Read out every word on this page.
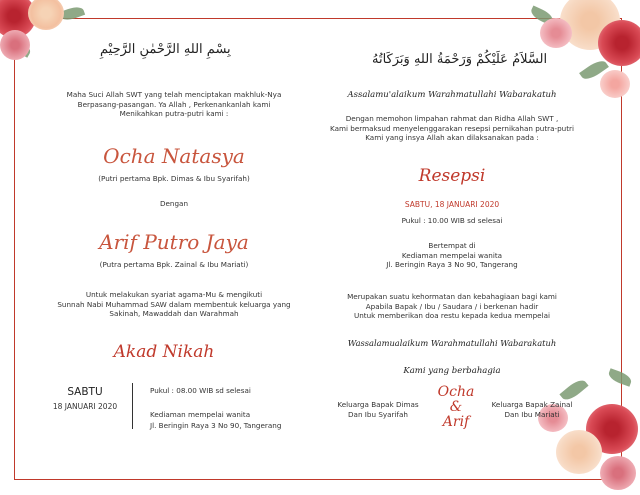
بِسْمِ اللهِ الرَّحْمٰنِ الرَّحِيْمِ
Maha Suci Allah SWT yang telah menciptakan makhluk-Nya
Berpasang-pasangan. Ya Allah , Perkenankanlah kami
Menikahkan putra-putri kami :
Ocha Natasya
(Putri pertama Bpk. Dimas & Ibu Syarifah)
Dengan
Arif Putro Jaya
(Putra pertama Bpk. Zainal & Ibu Mariati)
Untuk melakukan syariat agama-Mu & mengikuti
Sunnah Nabi Muhammad SAW dalam membentuk keluarga yang
Sakinah, Mawaddah dan Warahmah
Akad Nikah
SABTU
18 JANUARI 2020
Pukul : 08.00 WIB sd selesai
Kediaman mempelai wanita
Jl. Beringin Raya 3 No 90, Tangerang
السَّلاَمُ عَلَيْكُمْ وَرَحْمَةُ اللهِ وَبَرَكَاتُهُ
Assalamu'alaikum Warahmatullahi Wabarakatuh
Dengan memohon limpahan rahmat dan Ridha Allah SWT ,
Kami bermaksud menyelenggarakan resepsi pernikahan putra-putri
Kami yang insya Allah akan dilaksanakan pada :
Resepsi
SABTU, 18 JANUARI 2020
Pukul : 10.00 WIB sd selesai
Bertempat di
Kediaman mempelai wanita
Jl. Beringin Raya 3 No 90, Tangerang
Merupakan suatu kehormatan dan kebahagiaan bagi kami
Apabila Bapak / Ibu / Saudara / i berkenan hadir
Untuk memberikan doa restu kepada kedua mempelai
Wassalamualaikum Warahmatullahi Wabarakatuh
Kami yang berbahagia
Keluarga Bapak Dimas
Dan Ibu Syarifah
Ocha
&
Arif
Keluarga Bapak Zainal
Dan Ibu Mariati
